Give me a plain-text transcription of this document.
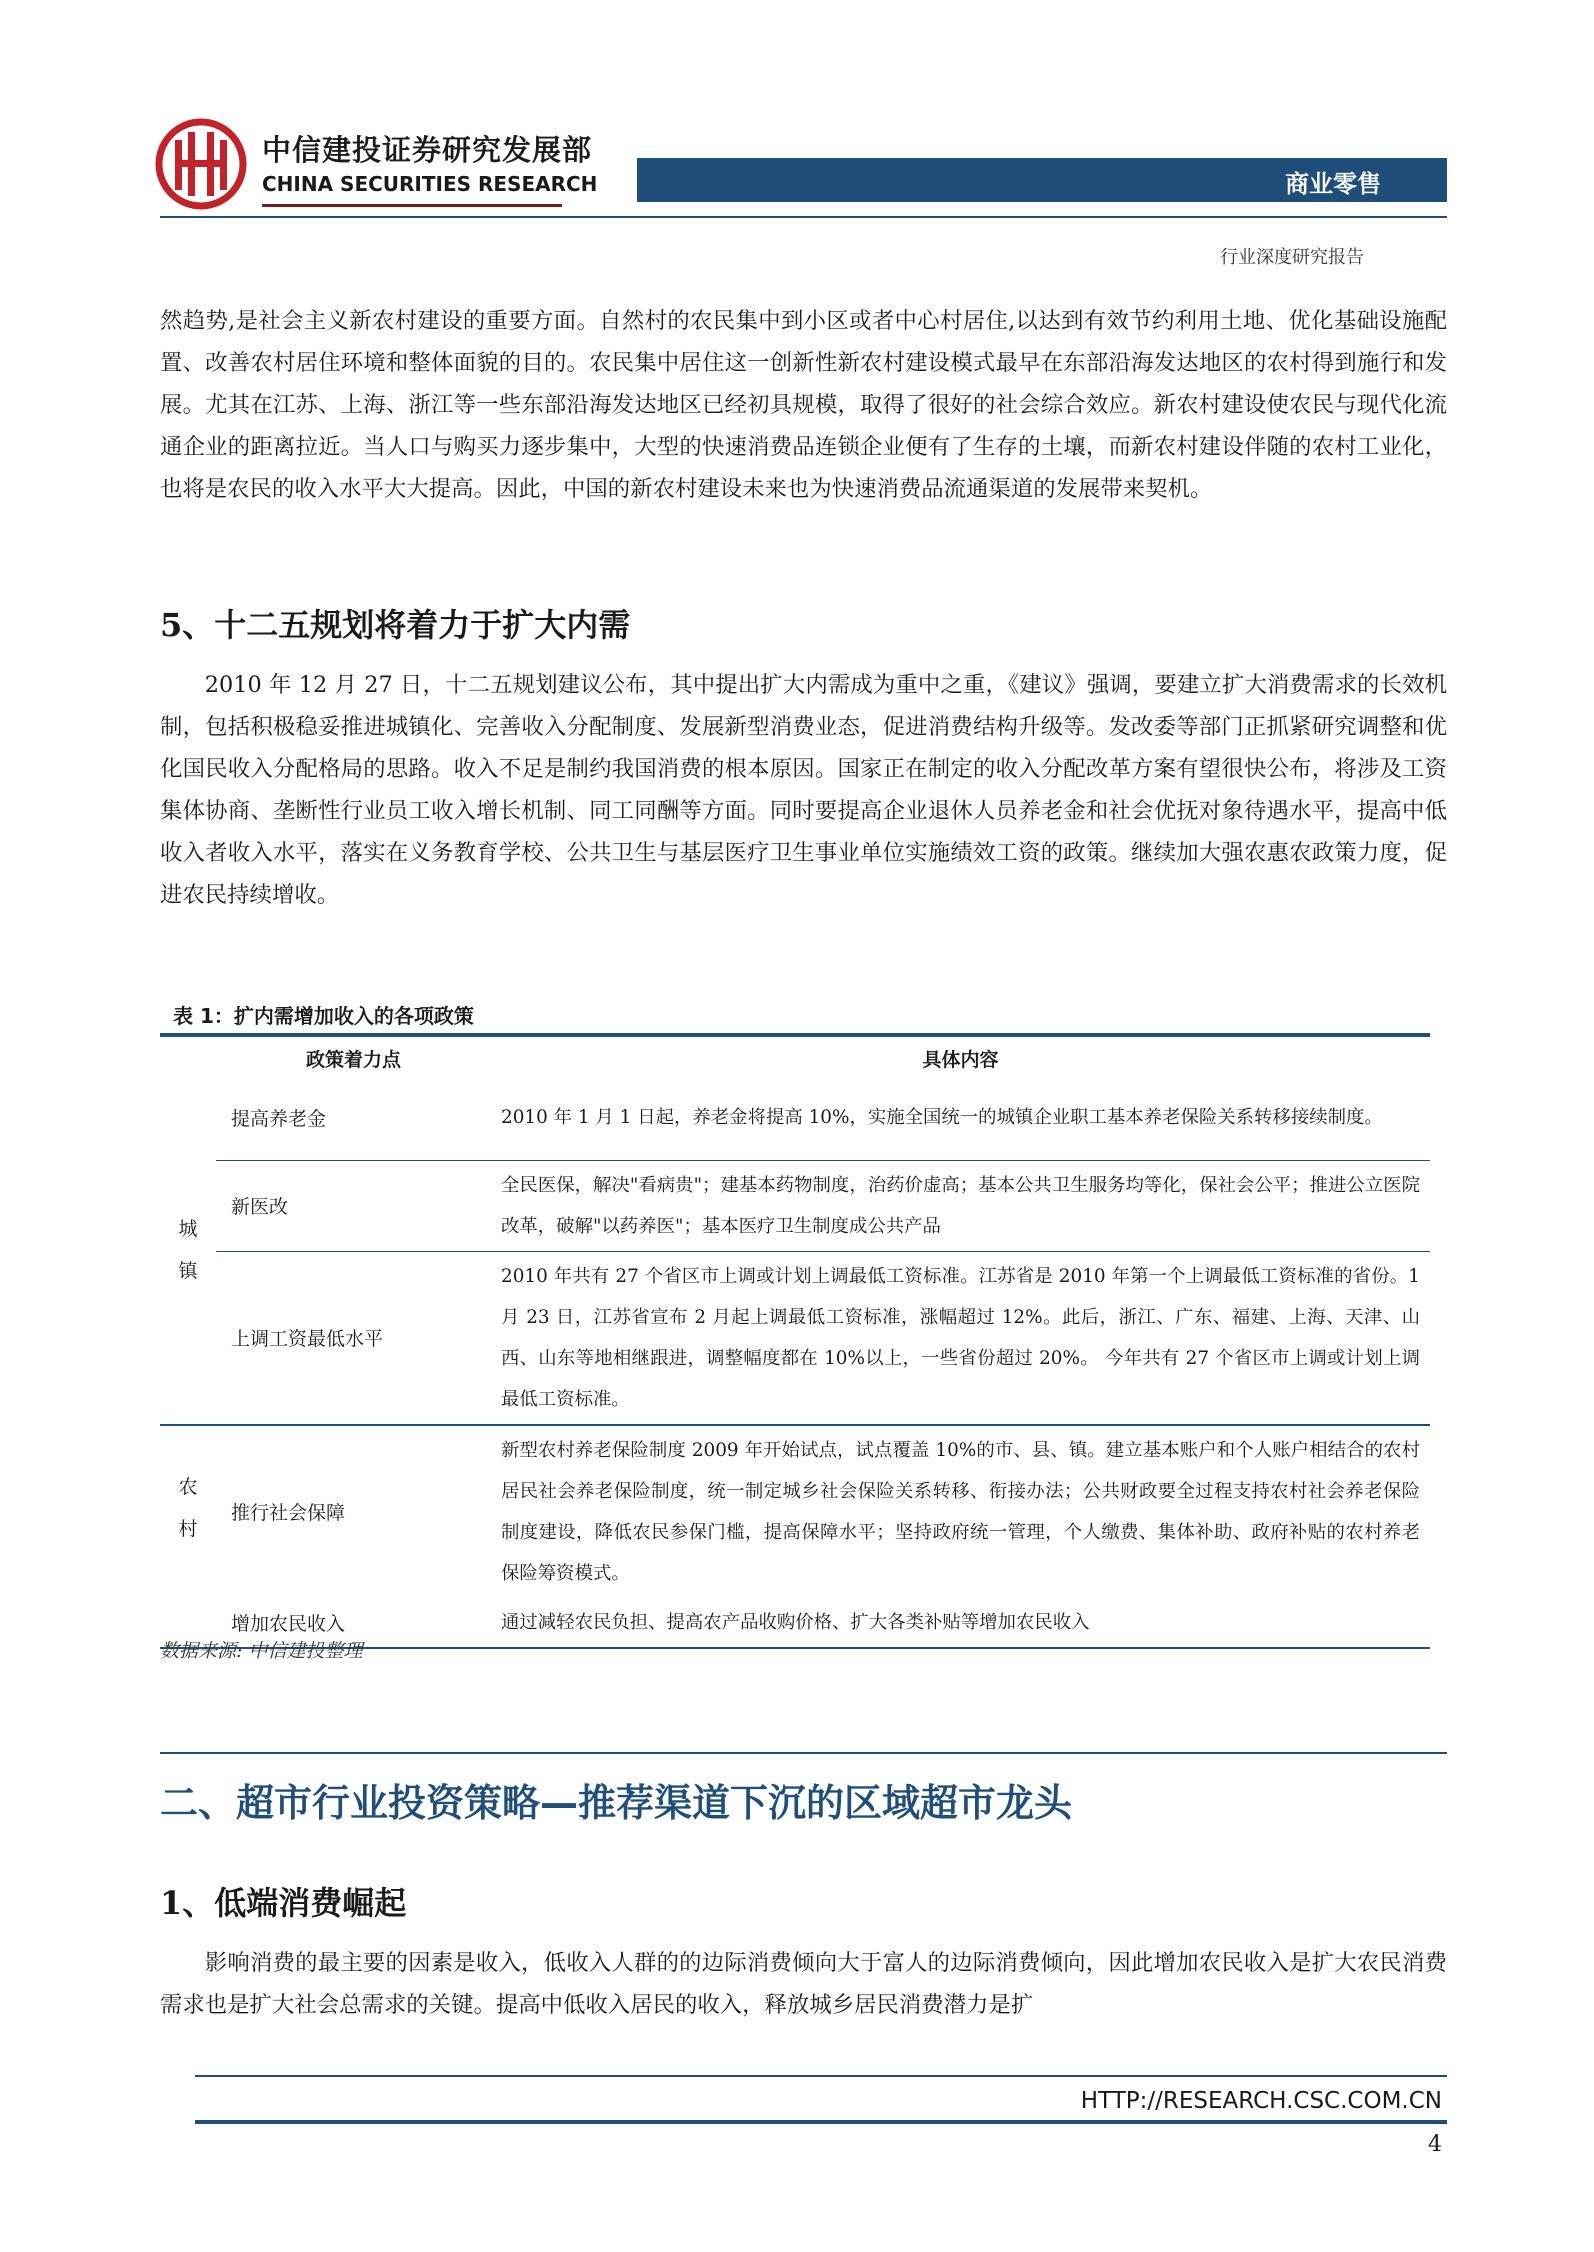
中信建投证券研究发展部
CHINA SECURITIES RESEARCH	商业零售
行业深度研究报告
然趋势,是社会主义新农村建设的重要方面。自然村的农民集中到小区或者中心村居住,以达到有效节约利用土地、优化基础设施配置、改善农村居住环境和整体面貌的目的。农民集中居住这一创新性新农村建设模式最早在东部沿海发达地区的农村得到施行和发展。尤其在江苏、上海、浙江等一些东部沿海发达地区已经初具规模，取得了很好的社会综合效应。新农村建设使农民与现代化流通企业的距离拉近。当人口与购买力逐步集中，大型的快速消费品连锁企业便有了生存的土壤，而新农村建设伴随的农村工业化，也将是农民的收入水平大大提高。因此，中国的新农村建设未来也为快速消费品流通渠道的发展带来契机。
5、十二五规划将着力于扩大内需
2010 年 12 月 27 日，十二五规划建议公布，其中提出扩大内需成为重中之重，《建议》强调，要建立扩大消费需求的长效机制，包括积极稳妥推进城镇化、完善收入分配制度、发展新型消费业态，促进消费结构升级等。发改委等部门正抓紧研究调整和优化国民收入分配格局的思路。收入不足是制约我国消费的根本原因。国家正在制定的收入分配改革方案有望很快公布，将涉及工资集体协商、垄断性行业员工收入增长机制、同工同酬等方面。同时要提高企业退休人员养老金和社会优抚对象待遇水平，提高中低收入者收入水平，落实在义务教育学校、公共卫生与基层医疗卫生事业单位实施绩效工资的政策。继续加大强农惠农政策力度，促进农民持续增收。
表 1：扩内需增加收入的各项政策
	政策着力点	具体内容
城
镇	提高养老金	2010 年 1 月 1 日起，养老金将提高 10%，实施全国统一的城镇企业职工基本养老保险关系转移接续制度。
	新医改	全民医保，解决"看病贵"；建基本药物制度，治药价虚高；基本公共卫生服务均等化，保社会公平；推进公立医院改革，破解"以药养医"；基本医疗卫生制度成公共产品
	上调工资最低水平	2010 年共有 27 个省区市上调或计划上调最低工资标准。江苏省是 2010 年第一个上调最低工资标准的省份。1 月 23 日，江苏省宣布 2 月起上调最低工资标准，涨幅超过 12%。此后，浙江、广东、福建、上海、天津、山西、山东等地相继跟进，调整幅度都在 10%以上，一些省份超过 20%。 今年共有 27 个省区市上调或计划上调最低工资标准。
农
村	推行社会保障	新型农村养老保险制度 2009 年开始试点，试点覆盖 10%的市、县、镇。建立基本账户和个人账户相结合的农村居民社会养老保险制度，统一制定城乡社会保险关系转移、衔接办法；公共财政要全过程支持农村社会养老保险制度建设，降低农民参保门槛，提高保障水平；坚持政府统一管理，个人缴费、集体补助、政府补贴的农村养老保险筹资模式。
	增加农民收入	通过减轻农民负担、提高农产品收购价格、扩大各类补贴等增加农民收入
数据来源: 中信建投整理
二、超市行业投资策略—推荐渠道下沉的区域超市龙头
1、低端消费崛起
影响消费的最主要的因素是收入，低收入人群的的边际消费倾向大于富人的边际消费倾向，因此增加农民收入是扩大农民消费需求也是扩大社会总需求的关键。提高中低收入居民的收入，释放城乡居民消费潜力是扩
HTTP://RESEARCH.CSC.COM.CN
4
